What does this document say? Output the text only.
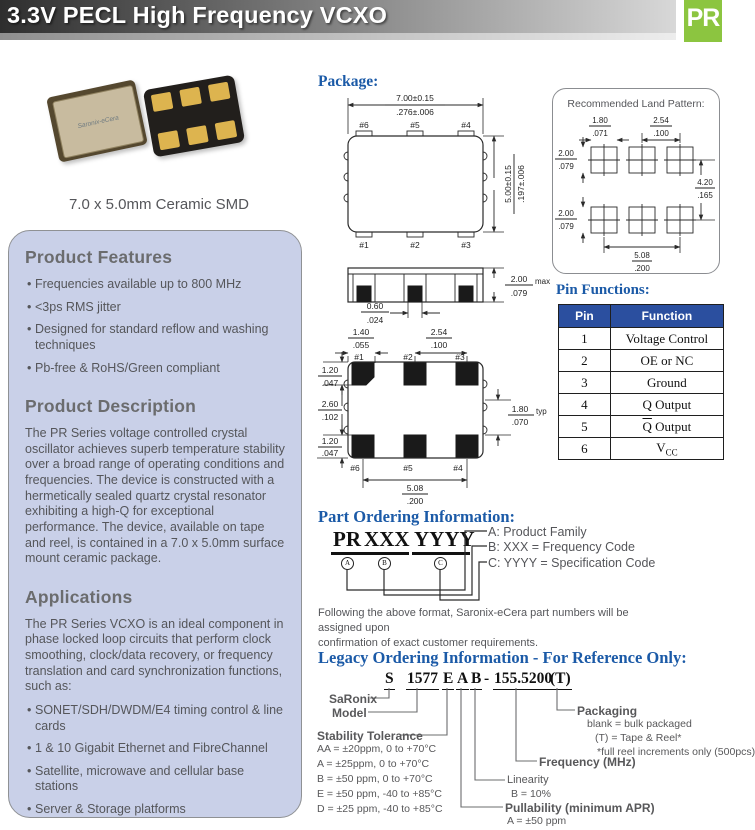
3.3V PECL High Frequency VCXO	PR
Saronix-eCera
7.0 x 5.0mm Ceramic SMD
Product Features
• Frequencies available up to 800 MHz
• <3ps RMS jitter
• Designed for standard reflow and washing techniques
• Pb-free & RoHS/Green compliant
Product Description

The PR Series voltage controlled crystal oscillator achieves superb temperature stability over a broad range of operating conditions and frequencies. The device is constructed with a hermetically sealed quartz crystal resonator exhibiting a high-Q for exceptional performance. The device, available on tape and reel, is contained in a 7.0 x 5.0mm surface mount ceramic package.

Applications

The PR Series VCXO is an ideal component in phase locked loop circuits that perform clock smoothing, clock/data recovery, or frequency translation and card synchronization functions, such as:

• SONET/SDH/DWDM/E4 timing control & line cards
• 1 & 10 Gigabit Ethernet and FibreChannel
• Satellite, microwave and cellular base stations
• Server & Storage platforms
Package:
7.00±0.15
.276±.006
5.00±0.15 .197±.006
#6	#5	#4
#1	#2	#3
2.00
.079
max
0.60
.024
1.40
.055
2.54
.100
#1	#2	#3
#6	#5	#4
1.20
.047
2.60
.102
1.20
.047
1.80
.070
typ
5.08
.200
Recommended Land Pattern:
1.80
.071
2.54
.100
2.00
.079
2.00
.079
4.20
.165
5.08
.200
Pin Functions:
Pin	Function
1	Voltage Control
2	OE or NC
3	Ground
4	Q Output
5	$\overline{Q}$ Output
6	$V_{CC}$
Part Ordering Information:
PR XXX YYYY
A	B	C
A: Product Family
B: XXX = Frequency Code
C: YYYY = Specification Code
Following the above format, Saronix-eCera part numbers will be assigned upon
confirmation of exact customer requirements.
Legacy Ordering Information - For Reference Only:
S 1577 E A B - 155.5200
(T)
SaRonix
Model
Stability Tolerance
AA = ±20ppm, 0 to +70°C
A = ±25ppm, 0 to +70°C
B = ±50 ppm, 0 to +70°C
E = ±50 ppm, -40 to +85°C
D = ±25 ppm, -40 to +85°C
Packaging
blank = bulk packaged
(T) = Tape & Reel*
*full reel increments only (500pcs)
Frequency (MHz)
Linearity
B = 10%
Pullability (minimum APR)
A = ±50 ppm
